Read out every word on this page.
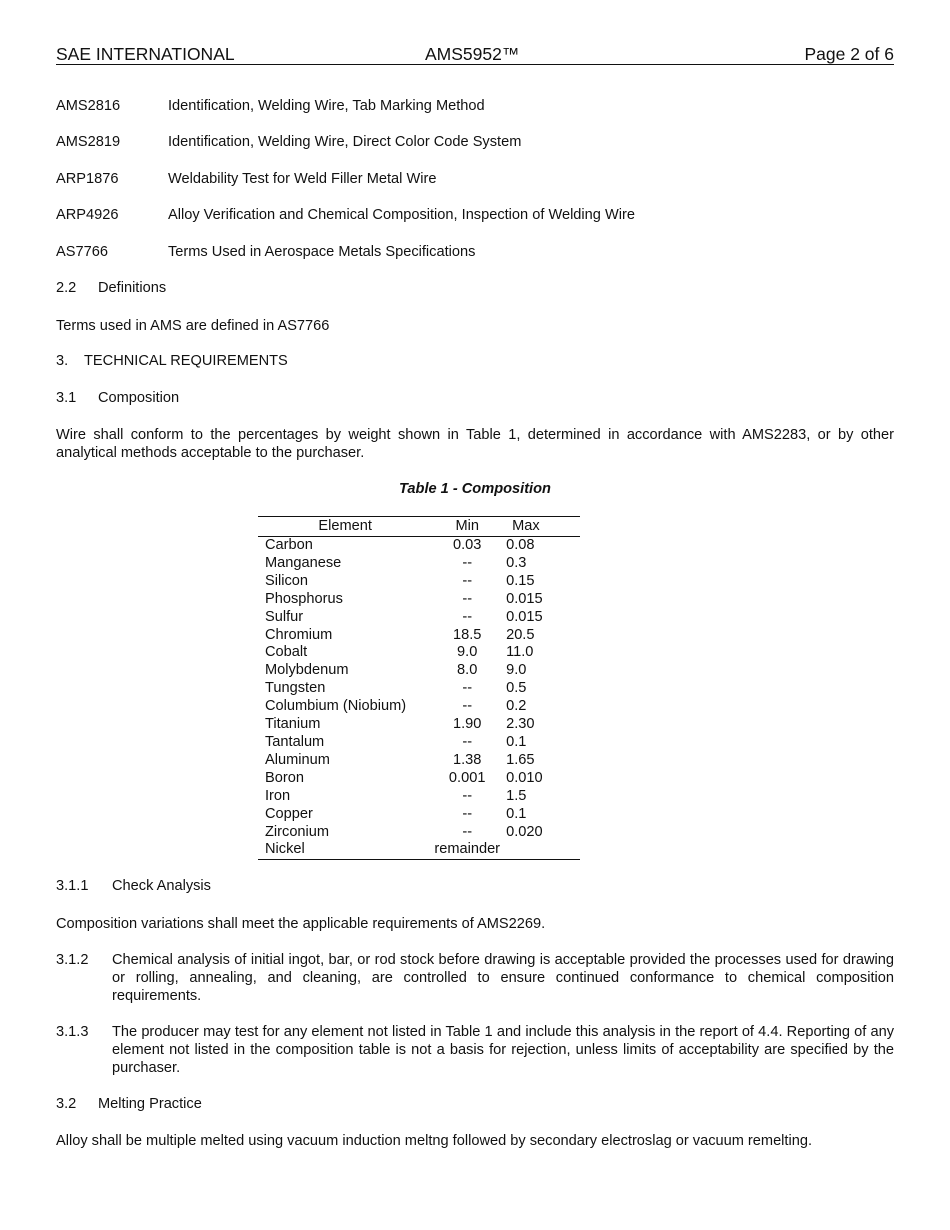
SAE INTERNATIONAL	AMS5952™	Page 2 of 6
AMS2816	Identification, Welding Wire, Tab Marking Method
AMS2819	Identification, Welding Wire, Direct Color Code System
ARP1876	Weldability Test for Weld Filler Metal Wire
ARP4926	Alloy Verification and Chemical Composition, Inspection of Welding Wire
AS7766	Terms Used in Aerospace Metals Specifications
2.2 Definitions
Terms used in AMS are defined in AS7766
3. TECHNICAL REQUIREMENTS
3.1 Composition
Wire shall conform to the percentages by weight shown in Table 1, determined in accordance with AMS2283, or by other analytical methods acceptable to the purchaser.
Table 1 - Composition
Element	Min	Max
Carbon	0.03	0.08
Manganese	--	0.3
Silicon	--	0.15
Phosphorus	--	0.015
Sulfur	--	0.015
Chromium	18.5	20.5
Cobalt	9.0	11.0
Molybdenum	8.0	9.0
Tungsten	--	0.5
Columbium (Niobium)	--	0.2
Titanium	1.90	2.30
Tantalum	--	0.1
Aluminum	1.38	1.65
Boron	0.001	0.010
Iron	--	1.5
Copper	--	0.1
Zirconium	--	0.020
Nickel	remainder	
3.1.1 Check Analysis
Composition variations shall meet the applicable requirements of AMS2269.
3.1.2 Chemical analysis of initial ingot, bar, or rod stock before drawing is acceptable provided the processes used for drawing or rolling, annealing, and cleaning, are controlled to ensure continued conformance to chemical composition requirements.
3.1.3 The producer may test for any element not listed in Table 1 and include this analysis in the report of 4.4. Reporting of any element not listed in the composition table is not a basis for rejection, unless limits of acceptability are specified by the purchaser.
3.2 Melting Practice
Alloy shall be multiple melted using vacuum induction meltng followed by secondary electroslag or vacuum remelting.
